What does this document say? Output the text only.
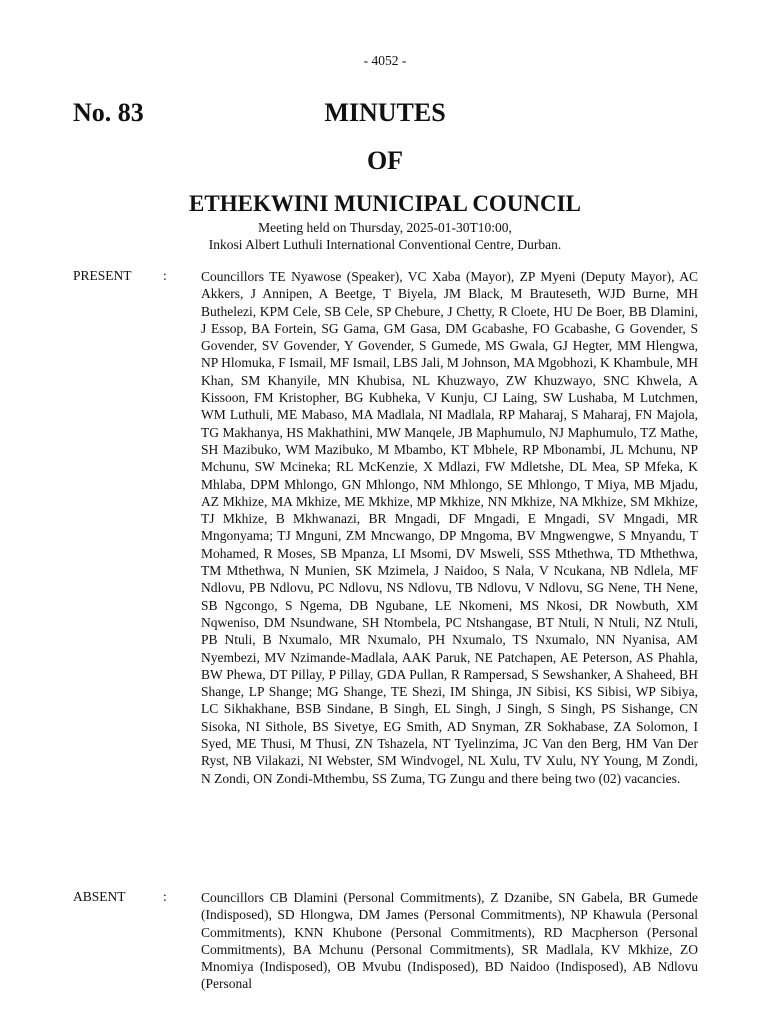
- 4052 -
No. 83	MINUTES
OF
ETHEKWINI MUNICIPAL COUNCIL
Meeting held on Thursday, 2025-01-30T10:00,
Inkosi Albert Luthuli International Conventional Centre, Durban.
PRESENT :	Councillors TE Nyawose (Speaker), VC Xaba (Mayor), ZP Myeni (Deputy Mayor), AC Akkers, J Annipen, A Beetge, T Biyela, JM Black, M Brauteseth, WJD Burne, MH Buthelezi, KPM Cele, SB Cele, SP Chebure, J Chetty, R Cloete, HU De Boer, BB Dlamini, J Essop, BA Fortein, SG Gama, GM Gasa, DM Gcabashe, FO Gcabashe, G Govender, S Govender, SV Govender, Y Govender, S Gumede, MS Gwala, GJ Hegter, MM Hlengwa, NP Hlomuka, F Ismail, MF Ismail, LBS Jali, M Johnson, MA Mgobhozi, K Khambule, MH Khan, SM Khanyile, MN Khubisa, NL Khuzwayo, ZW Khuzwayo, SNC Khwela, A Kissoon, FM Kristopher, BG Kubheka, V Kunju, CJ Laing, SW Lushaba, M Lutchmen, WM Luthuli, ME Mabaso, MA Madlala, NI Madlala, RP Maharaj, S Maharaj, FN Majola, TG Makhanya, HS Makhathini, MW Manqele, JB Maphumulo, NJ Maphumulo, TZ Mathe, SH Mazibuko, WM Mazibuko, M Mbambo, KT Mbhele, RP Mbonambi, JL Mchunu, NP Mchunu, SW Mcineka; RL McKenzie, X Mdlazi, FW Mdletshe, DL Mea, SP Mfeka, K Mhlaba, DPM Mhlongo, GN Mhlongo, NM Mhlongo, SE Mhlongo, T Miya, MB Mjadu, AZ Mkhize, MA Mkhize, ME Mkhize, MP Mkhize, NN Mkhize, NA Mkhize, SM Mkhize, TJ Mkhize, B Mkhwanazi, BR Mngadi, DF Mngadi, E Mngadi, SV Mngadi, MR Mngonyama; TJ Mnguni, ZM Mncwango, DP Mngoma, BV Mngwengwe, S Mnyandu, T Mohamed, R Moses, SB Mpanza, LI Msomi, DV Msweli, SSS Mthethwa, TD Mthethwa, TM Mthethwa, N Munien, SK Mzimela, J Naidoo, S Nala, V Ncukana, NB Ndlela, MF Ndlovu, PB Ndlovu, PC Ndlovu, NS Ndlovu, TB Ndlovu, V Ndlovu, SG Nene, TH Nene, SB Ngcongo, S Ngema, DB Ngubane, LE Nkomeni, MS Nkosi, DR Nowbuth, XM Nqweniso, DM Nsundwane, SH Ntombela, PC Ntshangase, BT Ntuli, N Ntuli, NZ Ntuli, PB Ntuli, B Nxumalo, MR Nxumalo, PH Nxumalo, TS Nxumalo, NN Nyanisa, AM Nyembezi, MV Nzimande-Madlala, AAK Paruk, NE Patchapen, AE Peterson, AS Phahla, BW Phewa, DT Pillay, P Pillay, GDA Pullan, R Rampersad, S Sewshanker, A Shaheed, BH Shange, LP Shange; MG Shange, TE Shezi, IM Shinga, JN Sibisi, KS Sibisi, WP Sibiya, LC Sikhakhane, BSB Sindane, B Singh, EL Singh, J Singh, S Singh, PS Sishange, CN Sisoka, NI Sithole, BS Sivetye, EG Smith, AD Snyman, ZR Sokhabase, ZA Solomon, I Syed, ME Thusi, M Thusi, ZN Tshazela, NT Tyelinzima, JC Van den Berg, HM Van Der Ryst, NB Vilakazi, NI Webster, SM Windvogel, NL Xulu, TV Xulu, NY Young, M Zondi, N Zondi, ON Zondi-Mthembu, SS Zuma, TG Zungu and there being two (02) vacancies.
ABSENT	:	Councillors CB Dlamini (Personal Commitments), Z Dzanibe, SN Gabela, BR Gumede (Indisposed), SD Hlongwa, DM James (Personal Commitments), NP Khawula (Personal Commitments), KNN Khubone (Personal Commitments), RD Macpherson (Personal Commitments), BA Mchunu (Personal Commitments), SR Madlala, KV Mkhize, ZO Mnomiya (Indisposed), OB Mvubu (Indisposed), BD Naidoo (Indisposed), AB Ndlovu (Personal
